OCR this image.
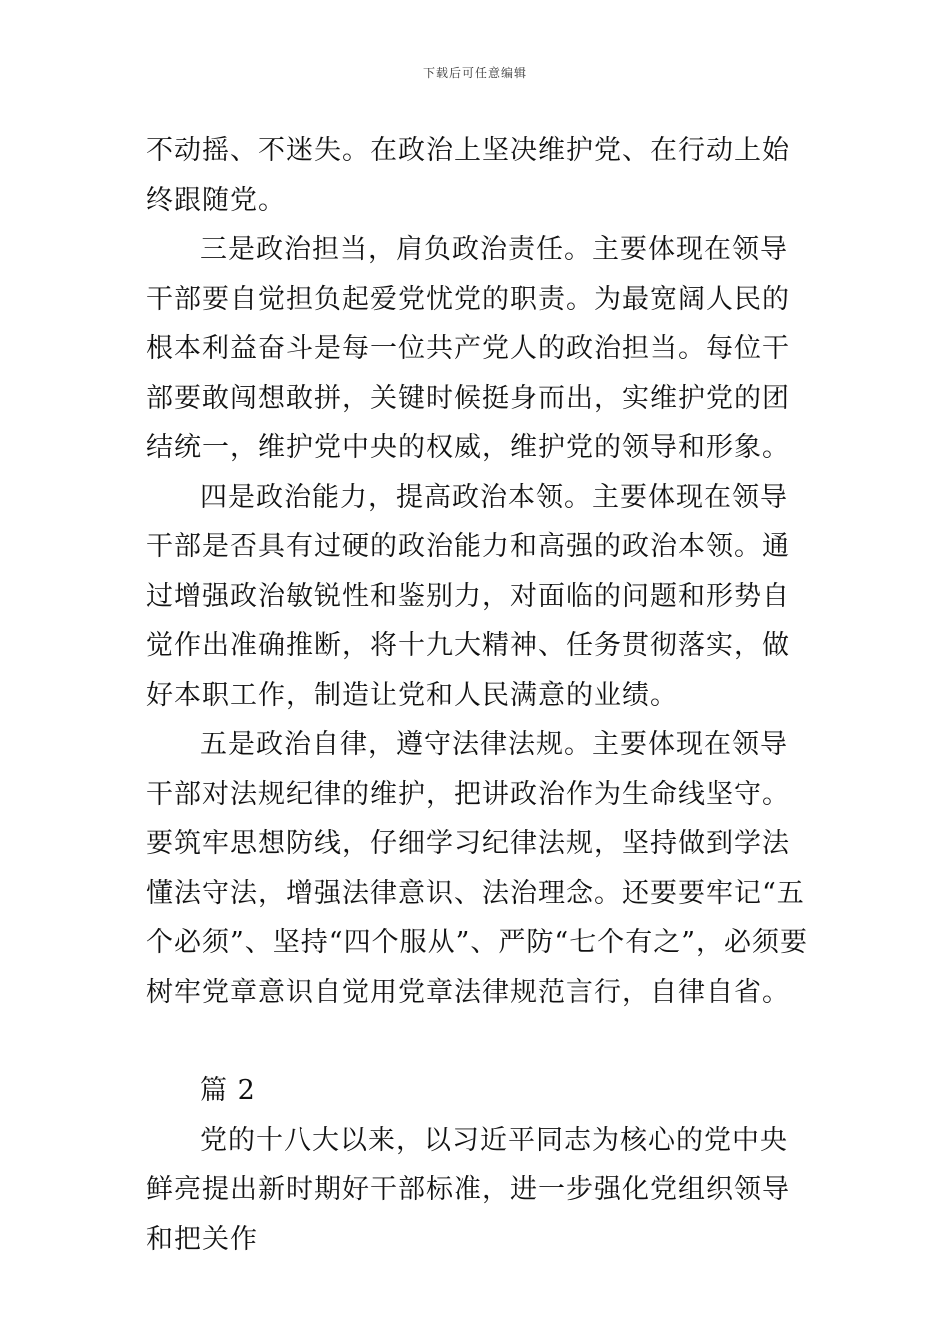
下载后可任意编辑

不动摇、不迷失。在政治上坚决维护党、在行动上始终跟随党。

三是政治担当，肩负政治责任。主要体现在领导干部要自觉担负起爱党忧党的职责。为最宽阔人民的根本利益奋斗是每一位共产党人的政治担当。每位干部要敢闯想敢拼，关键时候挺身而出，实维护党的团结统一，维护党中央的权威，维护党的领导和形象。

四是政治能力，提高政治本领。主要体现在领导干部是否具有过硬的政治能力和高强的政治本领。通过增强政治敏锐性和鉴别力，对面临的问题和形势自觉作出准确推断，将十九大精神、任务贯彻落实，做好本职工作，制造让党和人民满意的业绩。

五是政治自律，遵守法律法规。主要体现在领导干部对法规纪律的维护，把讲政治作为生命线坚守。要筑牢思想防线，仔细学习纪律法规，坚持做到学法懂法守法，增强法律意识、法治理念。还要要牢记“五个必须”、坚持“四个服从”、严防“七个有之”，必须要树牢党章意识自觉用党章法律规范言行，自律自省。

篇 2

党的十八大以来，以习近平同志为核心的党中央鲜亮提出新时期好干部标准，进一步强化党组织领导和把关作
